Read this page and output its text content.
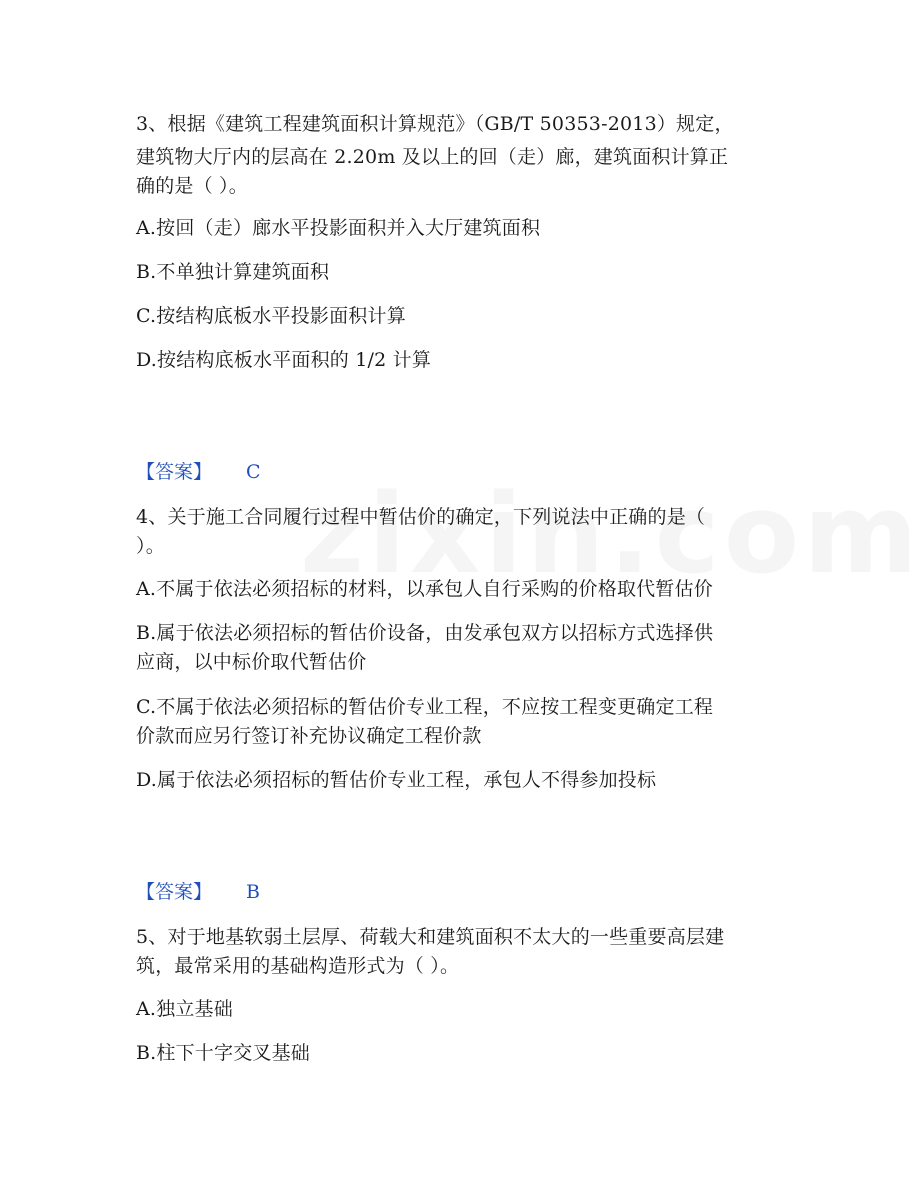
3、根据《建筑工程建筑面积计算规范》（GB/T 50353-2013）规定，
建筑物大厅内的层高在 2.20m 及以上的回（走）廊，建筑面积计算正
确的是（ ）。
A.按回（走）廊水平投影面积并入大厅建筑面积
B.不单独计算建筑面积
C.按结构底板水平投影面积计算
D.按结构底板水平面积的 1/2 计算
【答案】 C
4、关于施工合同履行过程中暂估价的确定，下列说法中正确的是（
）。
A.不属于依法必须招标的材料，以承包人自行采购的价格取代暂估价
B.属于依法必须招标的暂估价设备，由发承包双方以招标方式选择供
应商，以中标价取代暂估价
C.不属于依法必须招标的暂估价专业工程，不应按工程变更确定工程
价款而应另行签订补充协议确定工程价款
D.属于依法必须招标的暂估价专业工程，承包人不得参加投标
【答案】 B
5、对于地基软弱土层厚、荷载大和建筑面积不太大的一些重要高层建
筑，最常采用的基础构造形式为（ ）。
A.独立基础
B.柱下十字交叉基础
